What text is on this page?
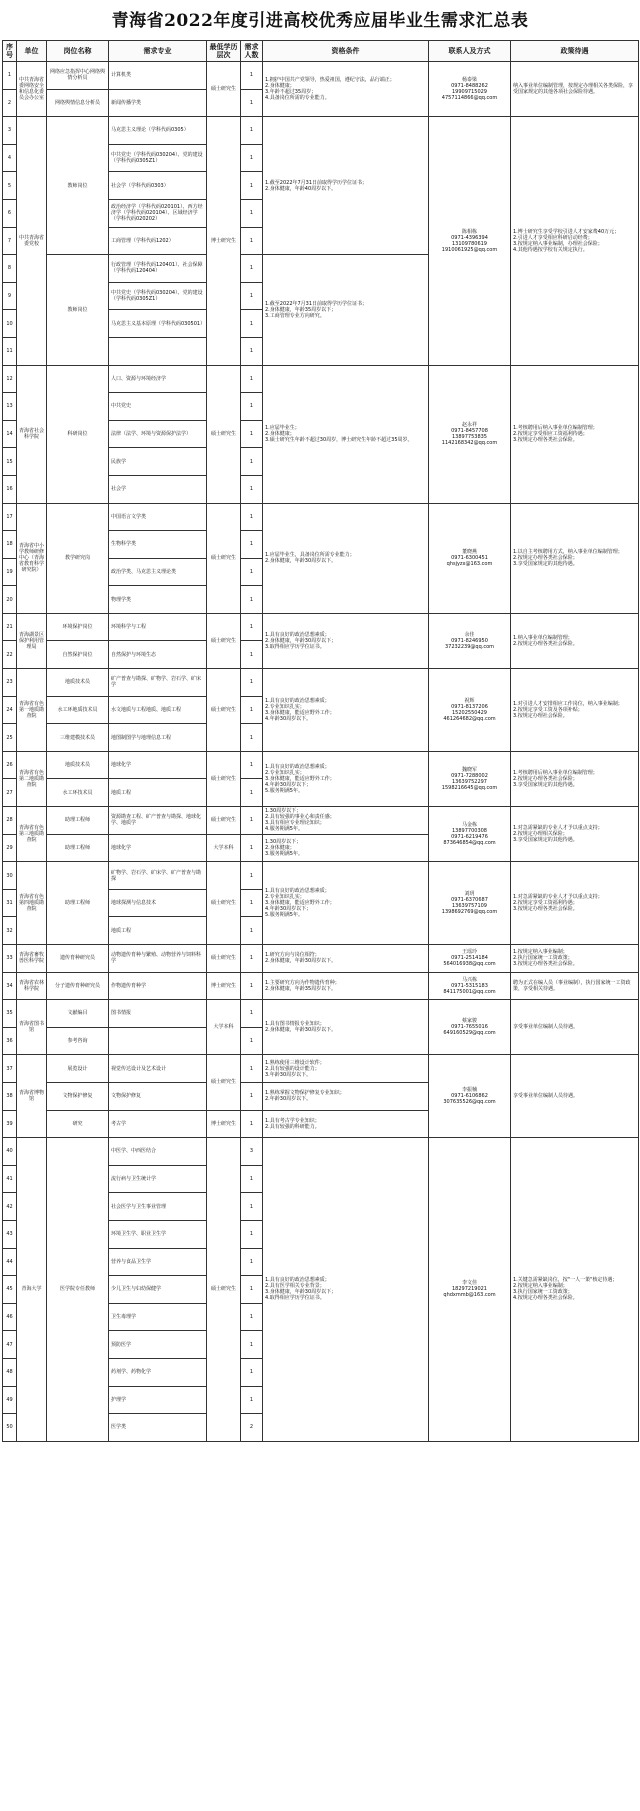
青海省2022年度引进高校优秀应届毕业生需求汇总表
序号	单位	岗位名称	需求专业	最低学历层次	需求人数	资格条件	联系人及方式	政策待遇
1	中共青海省委网络安全和信息化委员会办公室	网络应急指挥中心网络舆情分析员	计算机类	硕士研究生	1	1.拥护中国共产党领导，热爱祖国，遵纪守法，品行端正；
2.身体健康；
3.年龄不超过35周岁；
4.具备岗位所需的专业能力。	杨泰梁
0971-8488262
19909715029
4757114866@qq.com	纳入事业单位编制管理，按规定办理相关各类保险，享受国家规定的其他各项社会保险待遇。
2		网络舆情信息分析员	新闻传播学类		1			
3	中共青海省委党校	教师岗位	马克思主义理论（学科代码0305）	博士研究生	1	1.截至2022年7月31日前取得学历学位证书；
2.身体健康，年龄40周岁以下。	陈相栋
0971-4396394
13109780619
1910061925@qq.com	1.博士研究生享受学校引进人才安家费40万元；
2.引进人才享受相应科研启动经费；
3.按规定纳入事业编制，办理社会保险；
4.其他待遇按学校有关规定执行。
4			中共党史（学科代码030204）、党的建设（学科代码0305Z1）		1			
5			社会学（学科代码0303）		1			
6			政治经济学（学科代码020101）、西方经济学（学科代码020104）、区域经济学（学科代码020202）		1			
7			工商管理（学科代码1202）		1			
8		教师岗位	行政管理（学科代码120401）、社会保障（学科代码120404）		1	1.截至2022年7月31日前取得学历学位证书；
2.身体健康，年龄35周岁以下；
3.工商管理专业方向研究。		
9			中共党史（学科代码030204）、党的建设（学科代码0305Z1）		1			
10			马克思主义基本原理（学科代码030501）		1			
11					1			
12	青海省社会科学院	科研岗位	人口、资源与环境经济学	硕士研究生	1	1.应届毕业生；
2.身体健康；
3.硕士研究生年龄不超过30周岁，博士研究生年龄不超过35周岁。	赵永祥
0971-8457708
13897753835
1142168342@qq.com	1.考核聘用后纳入事业单位编制管理；
2.按规定享受相应工资福利待遇；
3.按规定办理各类社会保险。
13			中共党史		1			
14			法律（法学、环境与资源保护法学）		1			
15			民族学		1			
16			社会学		1			
17	青海省中小学教师研修中心（青海省教育科学研究院）	教学研究岗	中国语言文学类	硕士研究生	1	1.应届毕业生，具备岗位所需专业能力；
2.身体健康，年龄30周岁以下。	董晓燕
0971-6300451
qhsjyzx@163.com	1.以自主考核聘用方式，纳入事业单位编制管理；
2.按规定办理各类社会保险；
3.享受国家规定的其他待遇。
18			生物科学类		1			
19			政治学类、马克思主义理论类		1			
20			物理学类		1			
21	青海湖景区保护利用管理局	环境保护岗位	环境科学与工程	硕士研究生	1	1.具有良好的政治思想素质；
2.身体健康，年龄30周岁以下；
3.取得相应学历学位证书。	余佳
0971-8246950
37232239@qq.com	1.纳入事业单位编制管理；
2.按规定办理各类社会保险。
22		自然保护岗位	自然保护与环境生态		1			
23	青海省有色第一地质勘查院	地质技术员	矿产普查与勘探、矿物学、岩石学、矿床学	硕士研究生	1	1.具有良好的政治思想素质；
2.专业知识扎实；
3.身体健康，能适应野外工作；
4.年龄30周岁以下。	祝辉
0971-8137206
15202550429
461264682@qq.com	1.对引进人才安排相应工作岗位，纳入事业编制；
2.按规定享受工资及各项补贴；
3.按规定办理社会保险。
24		水工环地质技术员	水文地质与工程地质、地质工程		1			
25		三维建模技术员	地图制图学与地理信息工程		1			
26	青海省有色第二地质勘查院	地质技术员	地球化学	硕士研究生	1	1.具有良好的政治思想素质；
2.专业知识扎实；
3.身体健康，能适应野外工作；
4.年龄30周岁以下；
5.服务期满5年。	魏晓军
0971-7288002
13639752297
1598216645@qq.com	1.考核聘用后纳入事业单位编制管理；
2.按规定办理各类社会保险；
3.享受国家规定的其他待遇。
27		水工环技术员	地质工程		1			
28	青海省有色第三地质勘查院	助理工程师	资源勘查工程、矿产普查与勘探、地球化学、地质学	硕士研究生	1	1.30周岁以下；
2.具有较强的事业心和责任感；
3.具有相应专业理论知识；
4.服务期满5年。	马金栋
13897700308
0971-6219476
873646854@qq.com	1.对急需紧缺的专业人才予以重点支持；
2.按规定办理相关保险；
3.享受国家规定的其他待遇。
29		助理工程师	地球化学	大学本科	1	1.30周岁以下；
2.身体健康；
3.服务期满5年。		
30	青海省有色第四地质勘查院	助理工程师	矿物学、岩石学、矿床学、矿产普查与勘探	硕士研究生	1	1.具有良好的政治思想素质；
2.专业知识扎实；
3.身体健康，能适应野外工作；
4.年龄30周岁以下；
5.服务期满5年。	刘玥
0971-6370687
13639757109
1398692769@qq.com	1.对急需紧缺的专业人才予以重点支持；
2.按规定享受工资福利待遇；
3.按规定办理各类社会保险。
31			地球探测与信息技术		1			
32			地质工程		1			
33	青海省畜牧兽医科学院	遗传育种研究员	动物遗传育种与繁殖、动物营养与饲料科学	硕士研究生	1	1.研究方向与岗位相符；
2.身体健康，年龄30周岁以下。	王瑶玲
0971-2514184
564016938@qq.com	1.按规定纳入事业编制；
2.执行国家统一工资政策；
3.按规定办理各类社会保险。
34	青海省农林科学院	分子遗传育种研究员	作物遗传育种学	博士研究生	1	1.主要研究方向为作物遗传育种；
2.身体健康，年龄35周岁以下。	马兴栋
0971-5315183
841175001@qq.com	聘为正式在编人员（事业编制），执行国家统一工资政策，享受相关待遇。
35	青海省图书馆	文献编目	图书情报	大学本科	1	1.具有图书情报专业知识；
2.身体健康，年龄30周岁以下。	蔡家骏
0971-7655016
649160529@qq.com	享受事业单位编制人员待遇。
36		参考咨询			1			
37	青海省博物馆	展览设计	视觉传达设计及艺术设计	硕士研究生	1	1.熟练使用三维设计软件；
2.具有较强的设计能力；
3.年龄30周岁以下。	李振楠
0971-6106862
307635526@qq.com	享受事业单位编制人员待遇。
38		文物保护修复	文物保护修复		1	1.熟练掌握文物保护修复专业知识；
2.年龄30周岁以下。		
39		研究	考古学	博士研究生	1	1.具有考古学专业知识；
2.具有较强的科研能力。		
40	青海大学	医学院专任教师	中医学、中西医结合	硕士研究生	3	1.具有良好的政治思想素质；
2.具有医学相关专业背景；
3.身体健康，年龄30周岁以下；
4.取得相应学历学位证书。	李文佳
18297219021
qhdxmmb@163.com	1.关键急需紧缺岗位，按"一人一策"核定待遇；
2.按规定纳入事业编制；
3.执行国家统一工资政策；
4.按规定办理各类社会保险。
41			流行病与卫生统计学		1			
42			社会医学与卫生事业管理		1			
43			环境卫生学、职业卫生学		1			
44			营养与食品卫生学		1			
45			少儿卫生与妇幼保健学		1			
46			卫生毒理学		1			
47			预防医学		1			
48			药剂学、药物化学		1			
49			护理学		1			
50			医学类		2			
